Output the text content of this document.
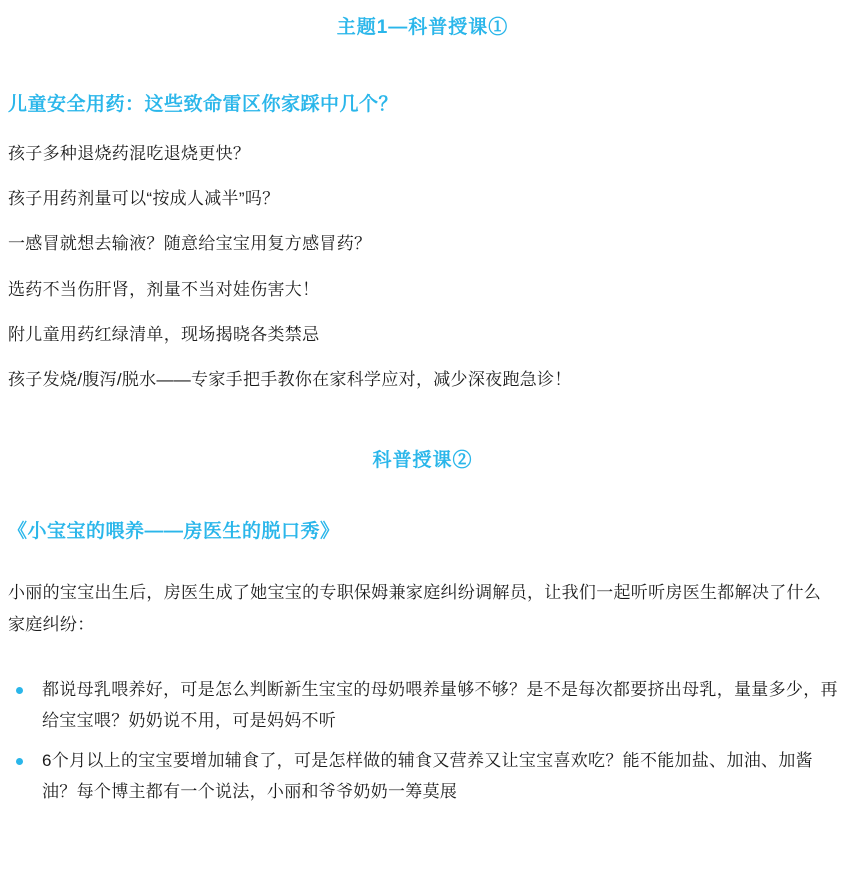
主题1—科普授课①
儿童安全用药：这些致命雷区你家踩中几个？

孩子多种退烧药混吃退烧更快？

孩子用药剂量可以“按成人减半”吗？

一感冒就想去输液？随意给宝宝用复方感冒药？

选药不当伤肝肾，剂量不当对娃伤害大！

附儿童用药红绿清单，现场揭晓各类禁忌

孩子发烧/腹泻/脱水——专家手把手教你在家科学应对，减少深夜跑急诊！

科普授课②
《小宝宝的喂养——房医生的脱口秀》

小丽的宝宝出生后，房医生成了她宝宝的专职保姆兼家庭纠纷调解员，让我们一起听听房医生都解决了什么家庭纠纷：

都说母乳喂养好，可是怎么判断新生宝宝的母奶喂养量够不够？是不是每次都要挤出母乳，量量多少，再给宝宝喂？奶奶说不用，可是妈妈不听
6个月以上的宝宝要增加辅食了，可是怎样做的辅食又营养又让宝宝喜欢吃？能不能加盐、加油、加酱油？每个博主都有一个说法，小丽和爷爷奶奶一筹莫展
